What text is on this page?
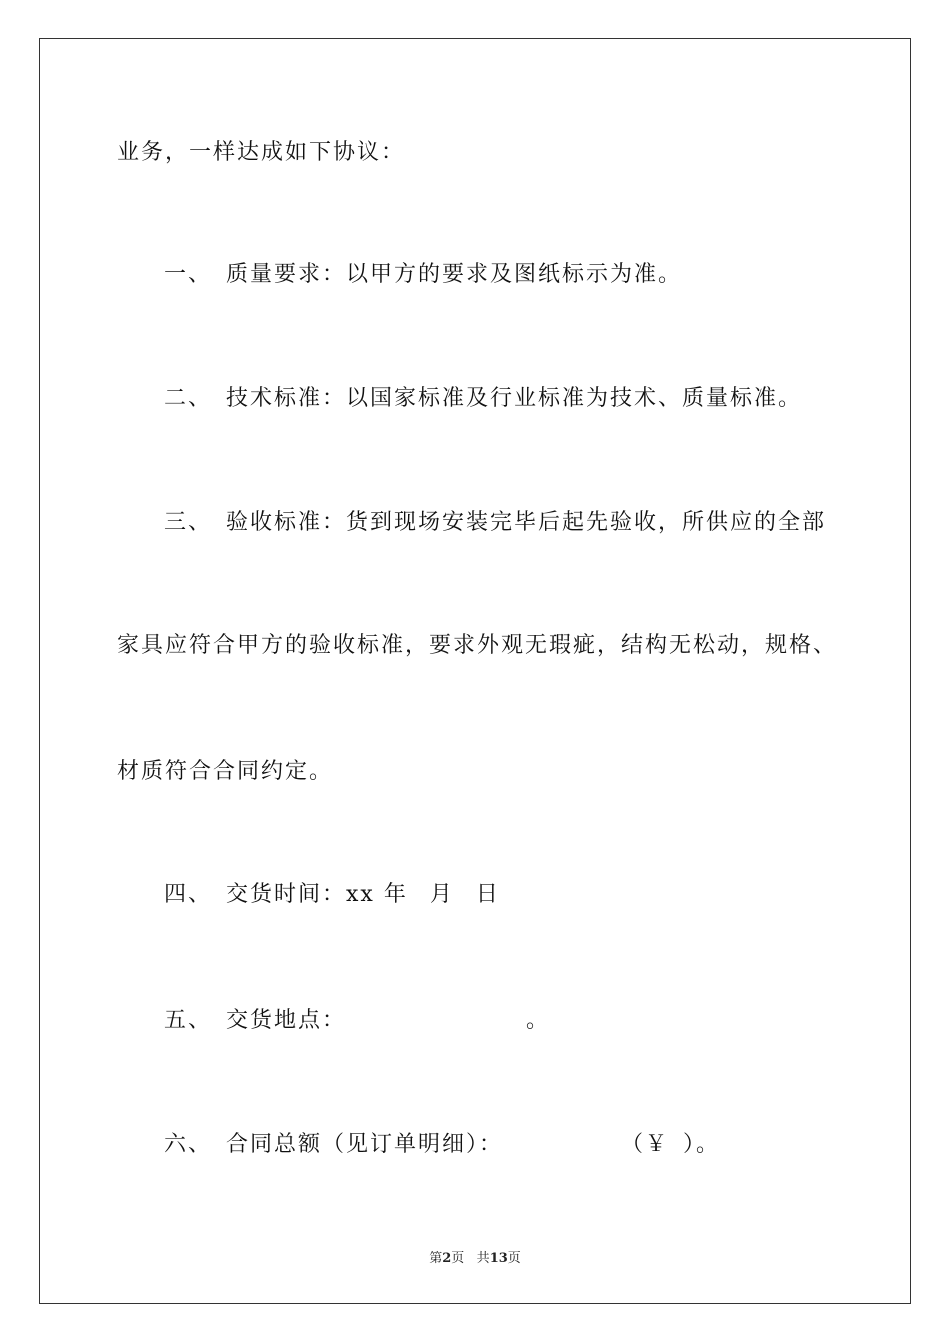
业务，一样达成如下协议：
一、 质量要求：以甲方的要求及图纸标示为准。
二、 技术标准：以国家标准及行业标准为技术、质量标准。
三、 验收标准：货到现场安装完毕后起先验收，所供应的全部
家具应符合甲方的验收标准，要求外观无瑕疵，结构无松动，规格、
材质符合合同约定。
四、 交货时间：xx 年 月 日
五、 交货地点：	。
六、 合同总额（见订单明细）：	（￥ ）。
第2页 共13页
